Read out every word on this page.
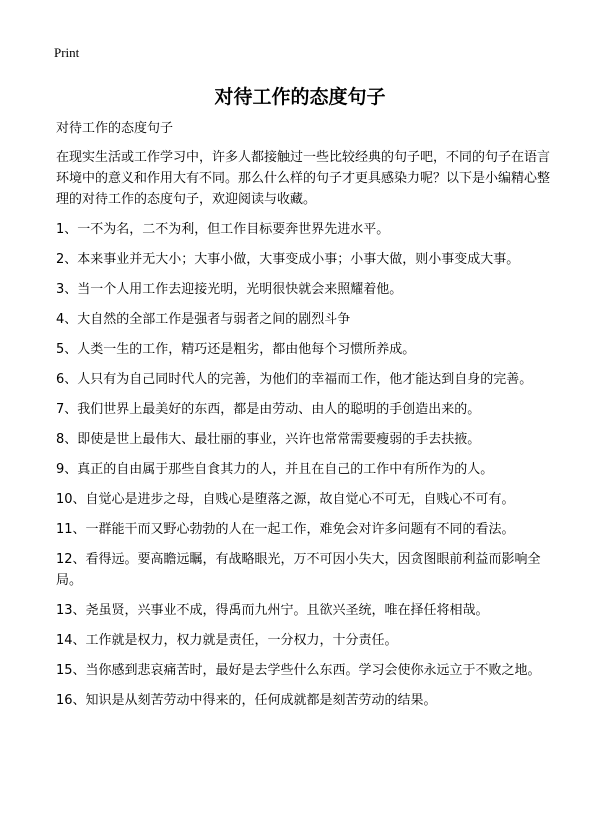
Print
对待工作的态度句子
对待工作的态度句子
在现实生活或工作学习中，许多人都接触过一些比较经典的句子吧，不同的句子在语言环境中的意义和作用大有不同。那么什么样的句子才更具感染力呢？以下是小编精心整理的对待工作的态度句子，欢迎阅读与收藏。
1、一不为名，二不为利，但工作目标要奔世界先进水平。
2、本来事业并无大小；大事小做，大事变成小事；小事大做，则小事变成大事。
3、当一个人用工作去迎接光明，光明很快就会来照耀着他。
4、大自然的全部工作是强者与弱者之间的剧烈斗争
5、人类一生的工作，精巧还是粗劣，都由他每个习惯所养成。
6、人只有为自己同时代人的完善，为他们的幸福而工作，他才能达到自身的完善。
7、我们世界上最美好的东西，都是由劳动、由人的聪明的手创造出来的。
8、即使是世上最伟大、最壮丽的事业，兴许也常常需要瘦弱的手去扶掖。
9、真正的自由属于那些自食其力的人，并且在自己的工作中有所作为的人。
10、自觉心是进步之母，自贱心是堕落之源，故自觉心不可无，自贱心不可有。
11、一群能干而又野心勃勃的人在一起工作，难免会对许多问题有不同的看法。
12、看得远。要高瞻远瞩，有战略眼光，万不可因小失大，因贪图眼前利益而影响全局。
13、尧虽贤，兴事业不成，得禹而九州宁。且欲兴圣统，唯在择任将相哉。
14、工作就是权力，权力就是责任，一分权力，十分责任。
15、当你感到悲哀痛苦时，最好是去学些什么东西。学习会使你永远立于不败之地。
16、知识是从刻苦劳动中得来的，任何成就都是刻苦劳动的结果。
